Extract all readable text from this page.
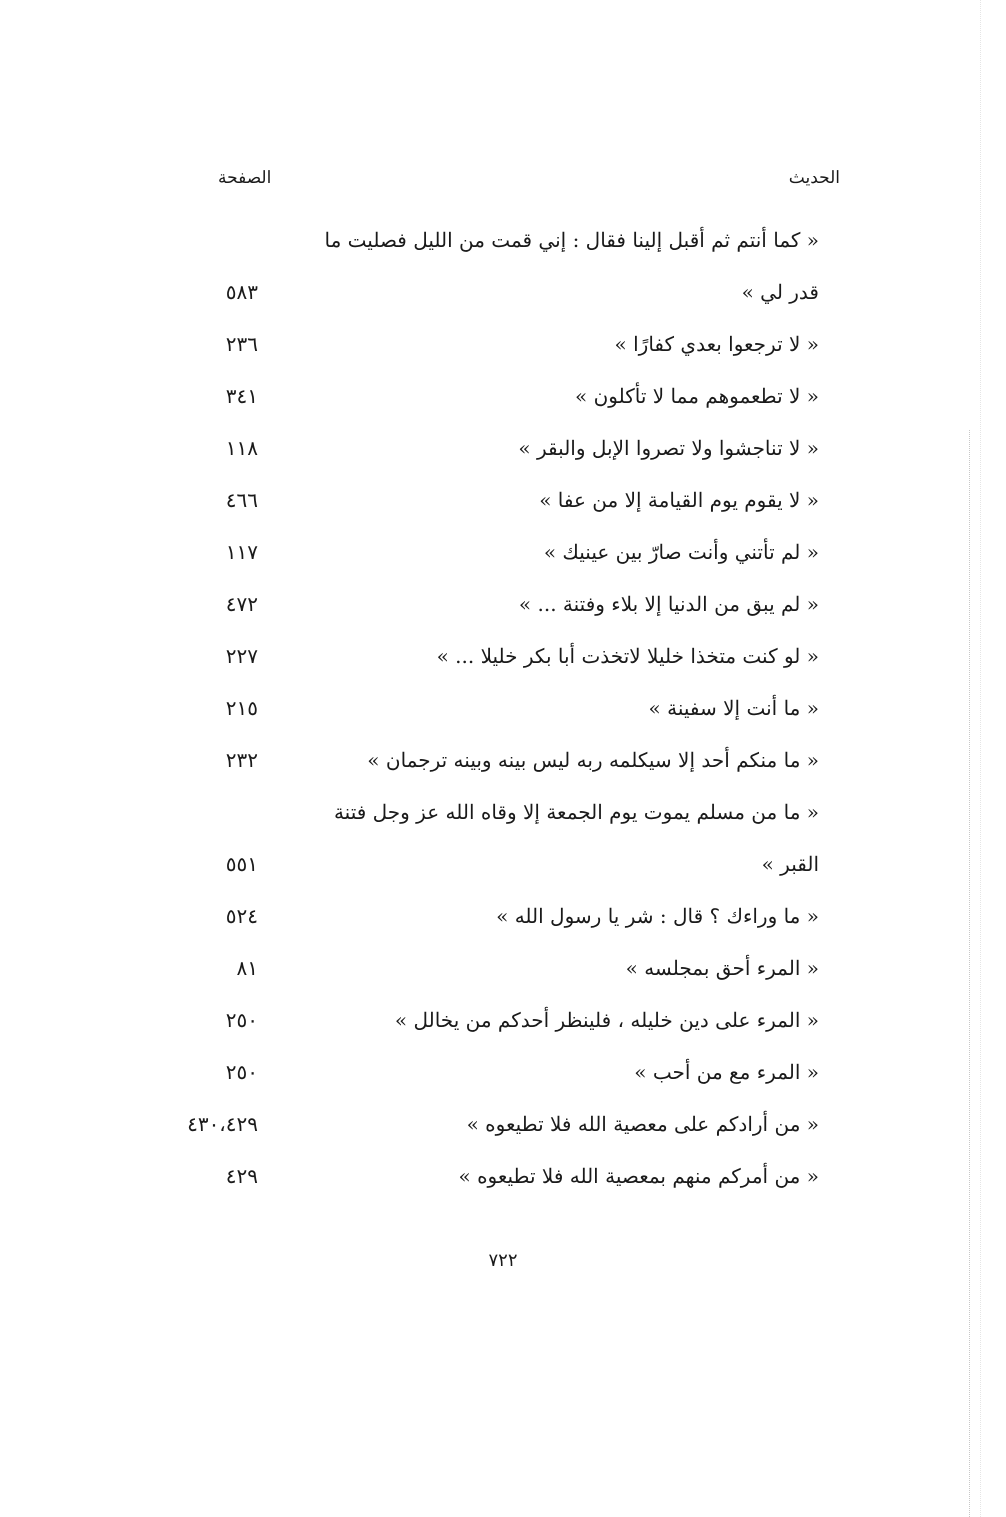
الحديث
الصفحة
« كما أنتم ثم أقبل إلينا فقال : إني قمت من الليل فصليت ما
قدر لي »
٥٨٣
« لا ترجعوا بعدي كفارًا »
٢٣٦
« لا تطعموهم مما لا تأكلون »
٣٤١
« لا تناجشوا ولا تصروا الإبل والبقر »
١١٨
« لا يقوم يوم القيامة إلا من عفا »
٤٦٦
« لم تأتني وأنت صارّ بين عينيك »
١١٧
« لم يبق من الدنيا إلا بلاء وفتنة ... »
٤٧٢
« لو كنت متخذا خليلا لاتخذت أبا بكر خليلا ... »
٢٢٧
« ما أنت إلا سفينة »
٢١٥
« ما منكم أحد إلا سيكلمه ربه ليس بينه وبينه ترجمان »
٢٣٢
« ما من مسلم يموت يوم الجمعة إلا وقاه الله عز وجل فتنة
القبر »
٥٥١
« ما وراءك ؟ قال : شر يا رسول الله »
٥٢٤
« المرء أحق بمجلسه »
٨١
« المرء على دين خليله ، فلينظر أحدكم من يخالل »
٢٥٠
« المرء مع من أحب »
٢٥٠
« من أرادكم على معصية الله فلا تطيعوه »
٤٣٠،٤٢٩
« من أمركم منهم بمعصية الله فلا تطيعوه »
٤٢٩
٧٢٢
